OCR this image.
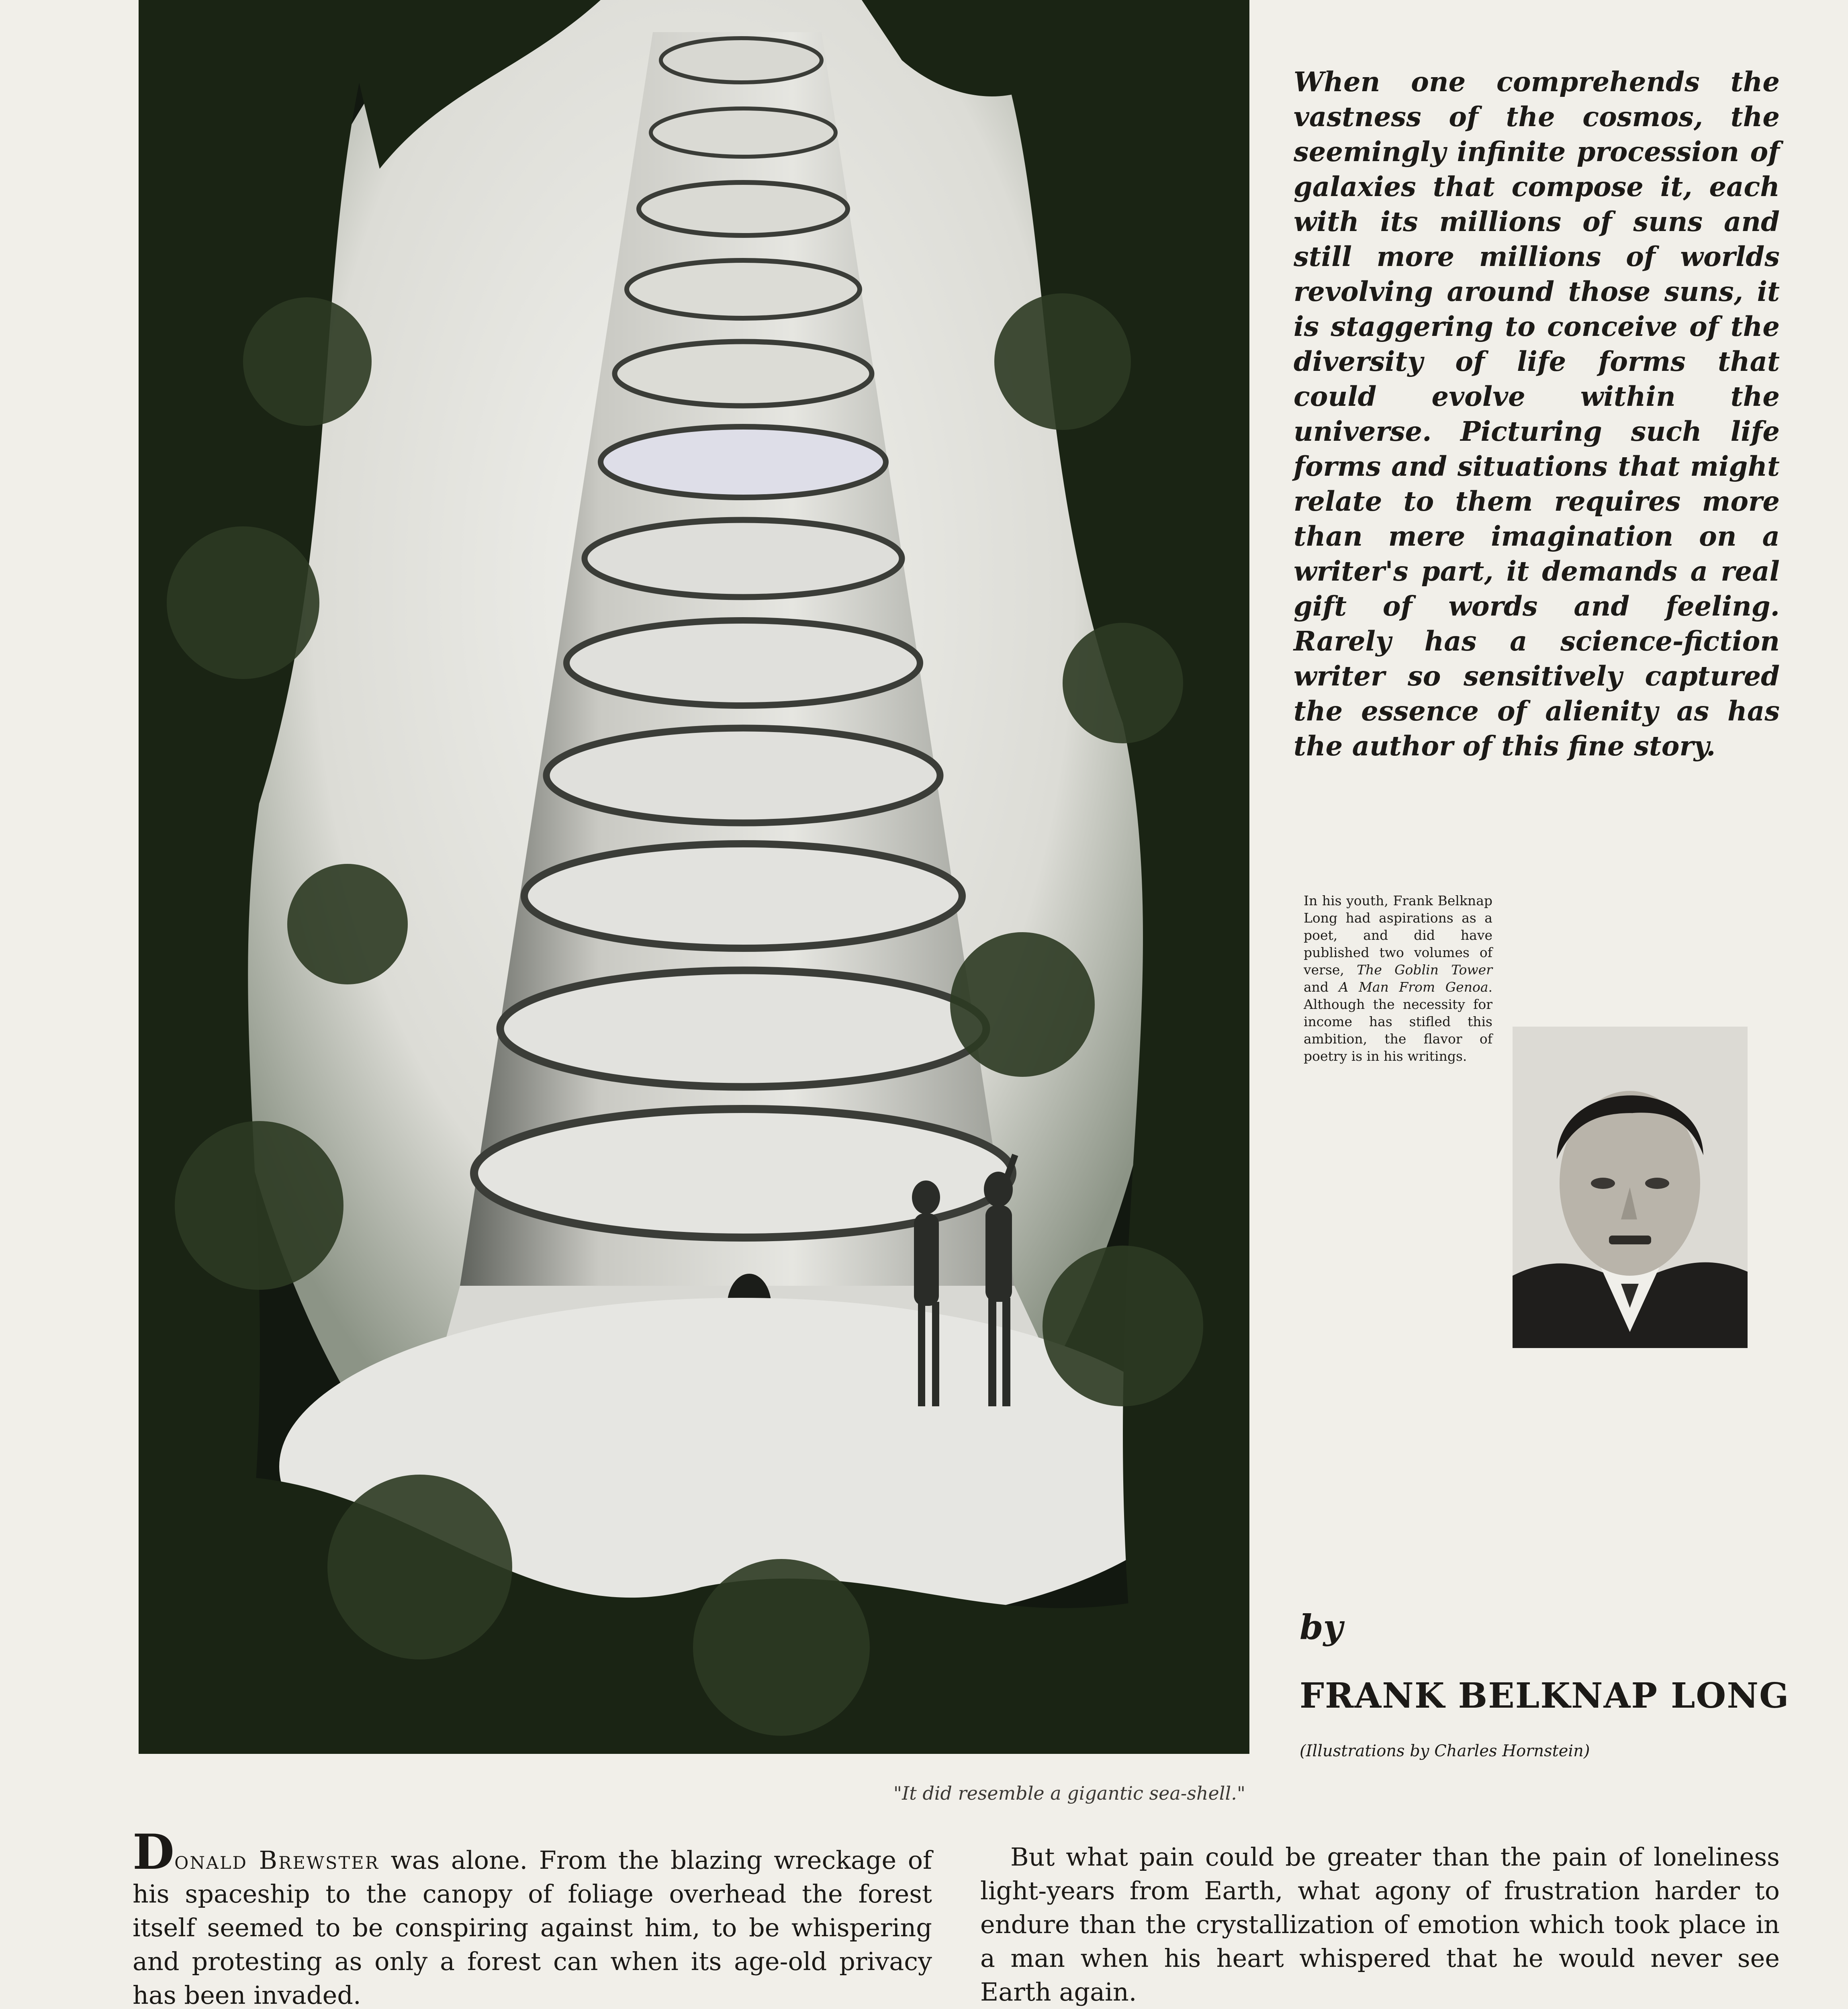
"It did resemble a gigantic sea-shell."

When one comprehends the vastness of the cosmos, the seemingly infinite procession of galaxies that compose it, each with its millions of suns and still more millions of worlds revolving around those suns, it is staggering to conceive of the diversity of life forms that could evolve within the universe. Picturing such life forms and situations that might relate to them requires more than mere imagination on a writer's part, it demands a real gift of words and feeling. Rarely has a science-fiction writer so sensitively captured the essence of alienity as has the author of this fine story.

In his youth, Frank Belknap Long had aspirations as a poet, and did have published two volumes of verse, The Goblin Tower and A Man From Genoa. Although the necessity for income has stifled this ambition, the flavor of poetry is in his writings.

by

FRANK BELKNAP LONG

(Illustrations by Charles Hornstein)

Donald Brewster was alone. From the blazing wreckage of his spaceship to the canopy of foliage overhead the forest itself seemed to be conspiring against him, to be whispering and protesting as only a forest can when its age-old privacy has been invaded.

But what pain could be greater than the pain of loneliness light-years from Earth, what agony of frustration harder to endure than the crystallization of emotion which took place in a man when his heart whispered that he would never see Earth again.
